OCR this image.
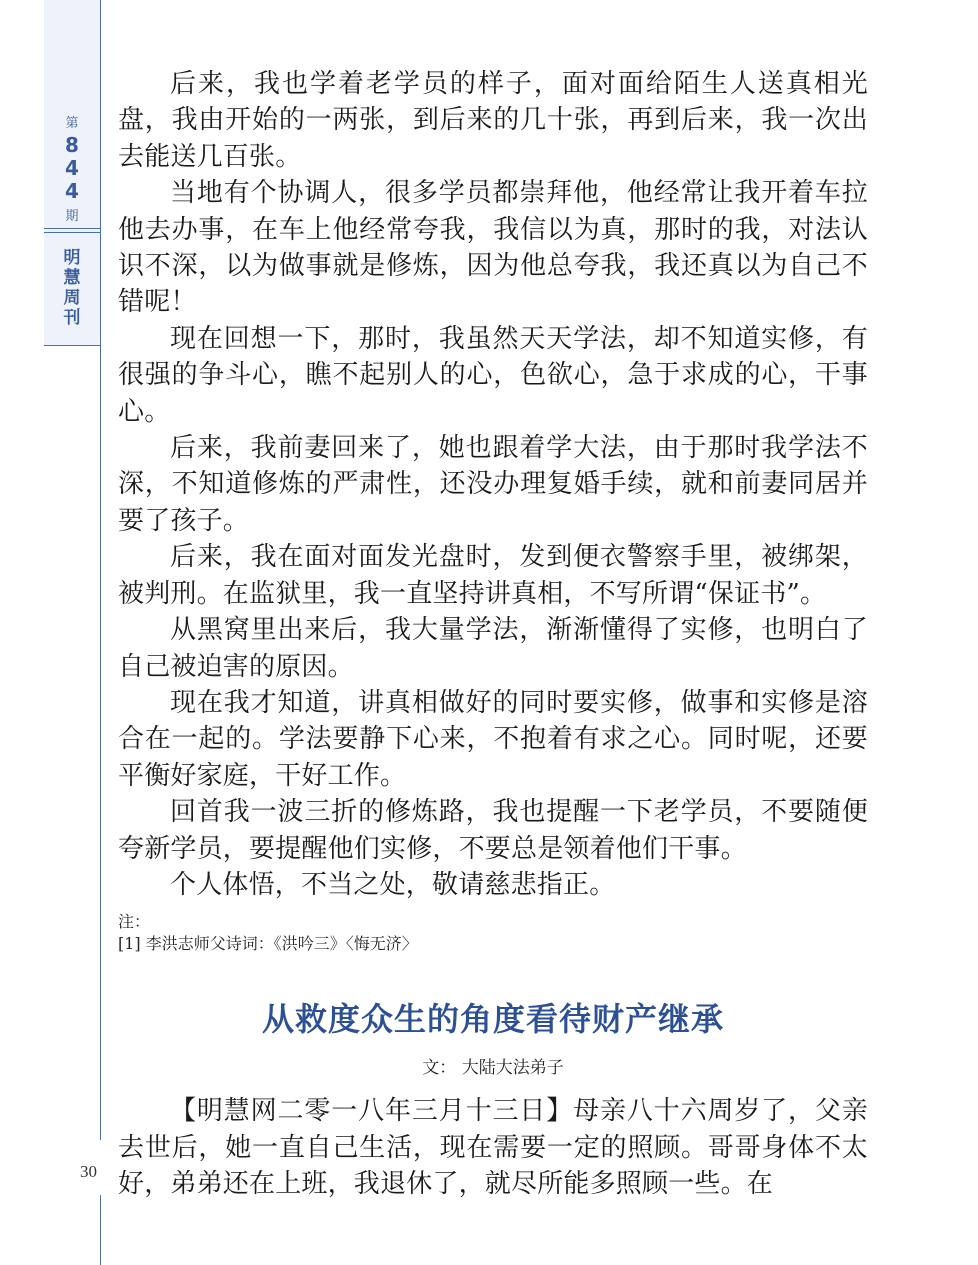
第
8
4
4
期
明
慧
周
刊
30

后来，我也学着老学员的样子，面对面给陌生人送真相光盘，我由开始的一两张，到后来的几十张，再到后来，我一次出去能送几百张。

当地有个协调人，很多学员都崇拜他，他经常让我开着车拉他去办事，在车上他经常夸我，我信以为真，那时的我，对法认识不深，以为做事就是修炼，因为他总夸我，我还真以为自己不错呢！

现在回想一下，那时，我虽然天天学法，却不知道实修，有很强的争斗心，瞧不起别人的心，色欲心，急于求成的心，干事心。

后来，我前妻回来了，她也跟着学大法，由于那时我学法不深，不知道修炼的严肃性，还没办理复婚手续，就和前妻同居并要了孩子。

后来，我在面对面发光盘时，发到便衣警察手里，被绑架，被判刑。在监狱里，我一直坚持讲真相，不写所谓“保证书”。

从黑窝里出来后，我大量学法，渐渐懂得了实修，也明白了自己被迫害的原因。

现在我才知道，讲真相做好的同时要实修，做事和实修是溶合在一起的。学法要静下心来，不抱着有求之心。同时呢，还要平衡好家庭，干好工作。

回首我一波三折的修炼路，我也提醒一下老学员，不要随便夸新学员，要提醒他们实修，不要总是领着他们干事。

个人体悟，不当之处，敬请慈悲指正。

注：
[1] 李洪志师父诗词：《洪吟三》〈悔无济〉
从救度众生的角度看待财产继承
文： 大陆大法弟子

【明慧网二零一八年三月十三日】母亲八十六周岁了，父亲去世后，她一直自己生活，现在需要一定的照顾。哥哥身体不太好，弟弟还在上班，我退休了，就尽所能多照顾一些。在
